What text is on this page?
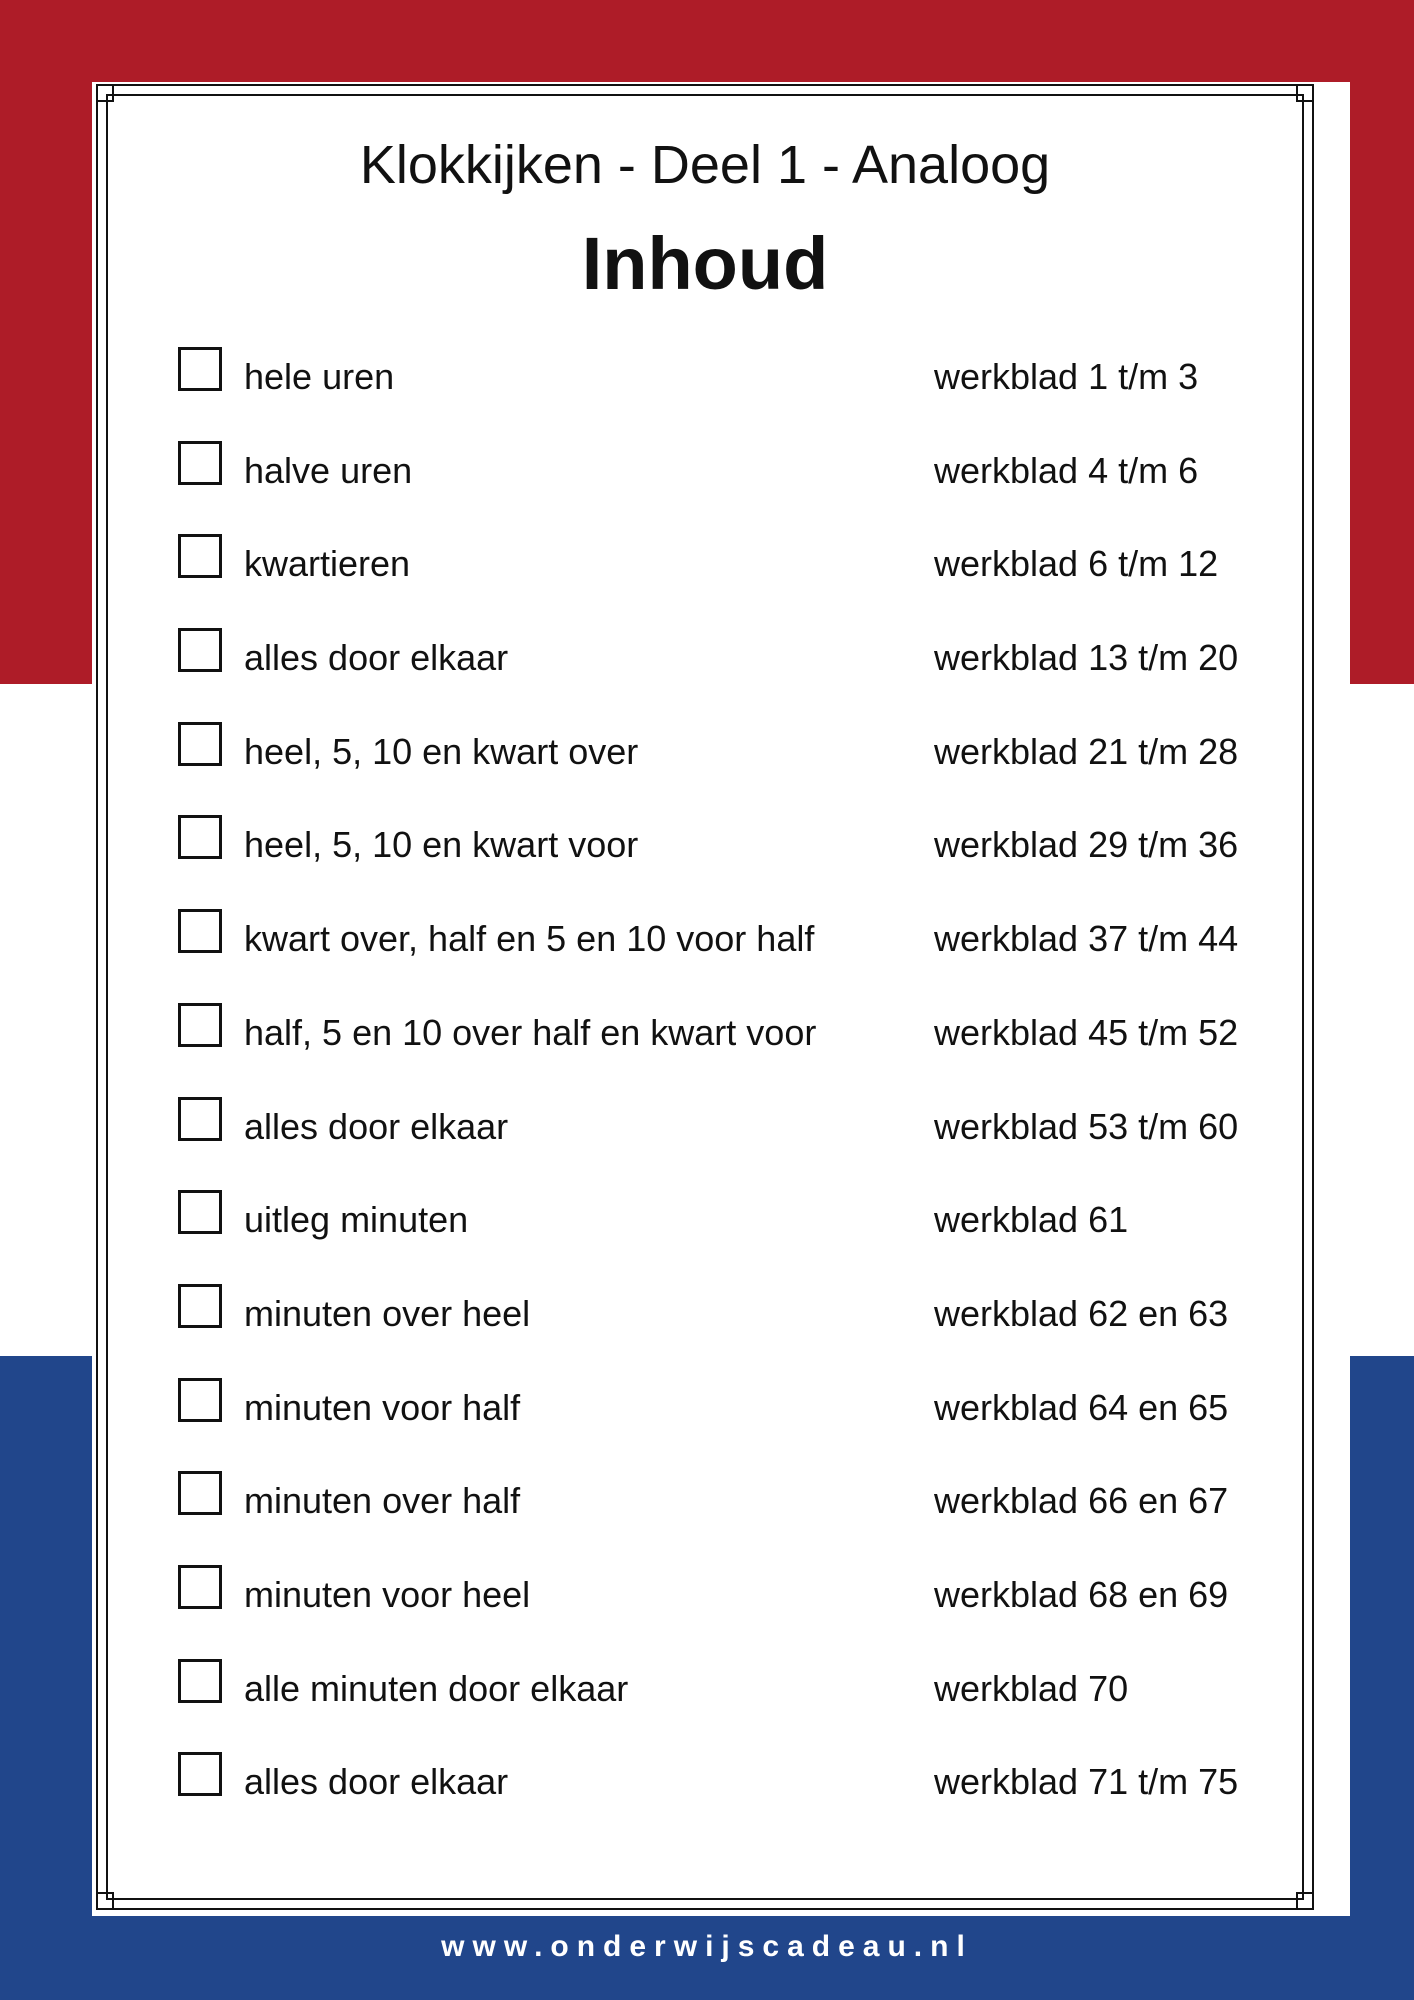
Klokkijken - Deel 1 - Analoog
Inhoud
hele uren	werkblad 1 t/m 3
halve uren	werkblad 4 t/m 6
kwartieren	werkblad 6 t/m 12
alles door elkaar	werkblad 13 t/m 20
heel, 5, 10 en kwart over	werkblad 21 t/m 28
heel, 5, 10 en kwart voor	werkblad 29 t/m 36
kwart over, half en 5 en 10 voor half	werkblad 37 t/m 44
half, 5 en 10 over half en kwart voor	werkblad 45 t/m 52
alles door elkaar	werkblad 53 t/m 60
uitleg minuten	werkblad 61
minuten over heel	werkblad 62 en 63
minuten voor half	werkblad 64 en 65
minuten over half	werkblad 66 en 67
minuten voor heel	werkblad 68 en 69
alle minuten door elkaar	werkblad 70
alles door elkaar	werkblad 71 t/m 75
www.onderwijscadeau.nl
